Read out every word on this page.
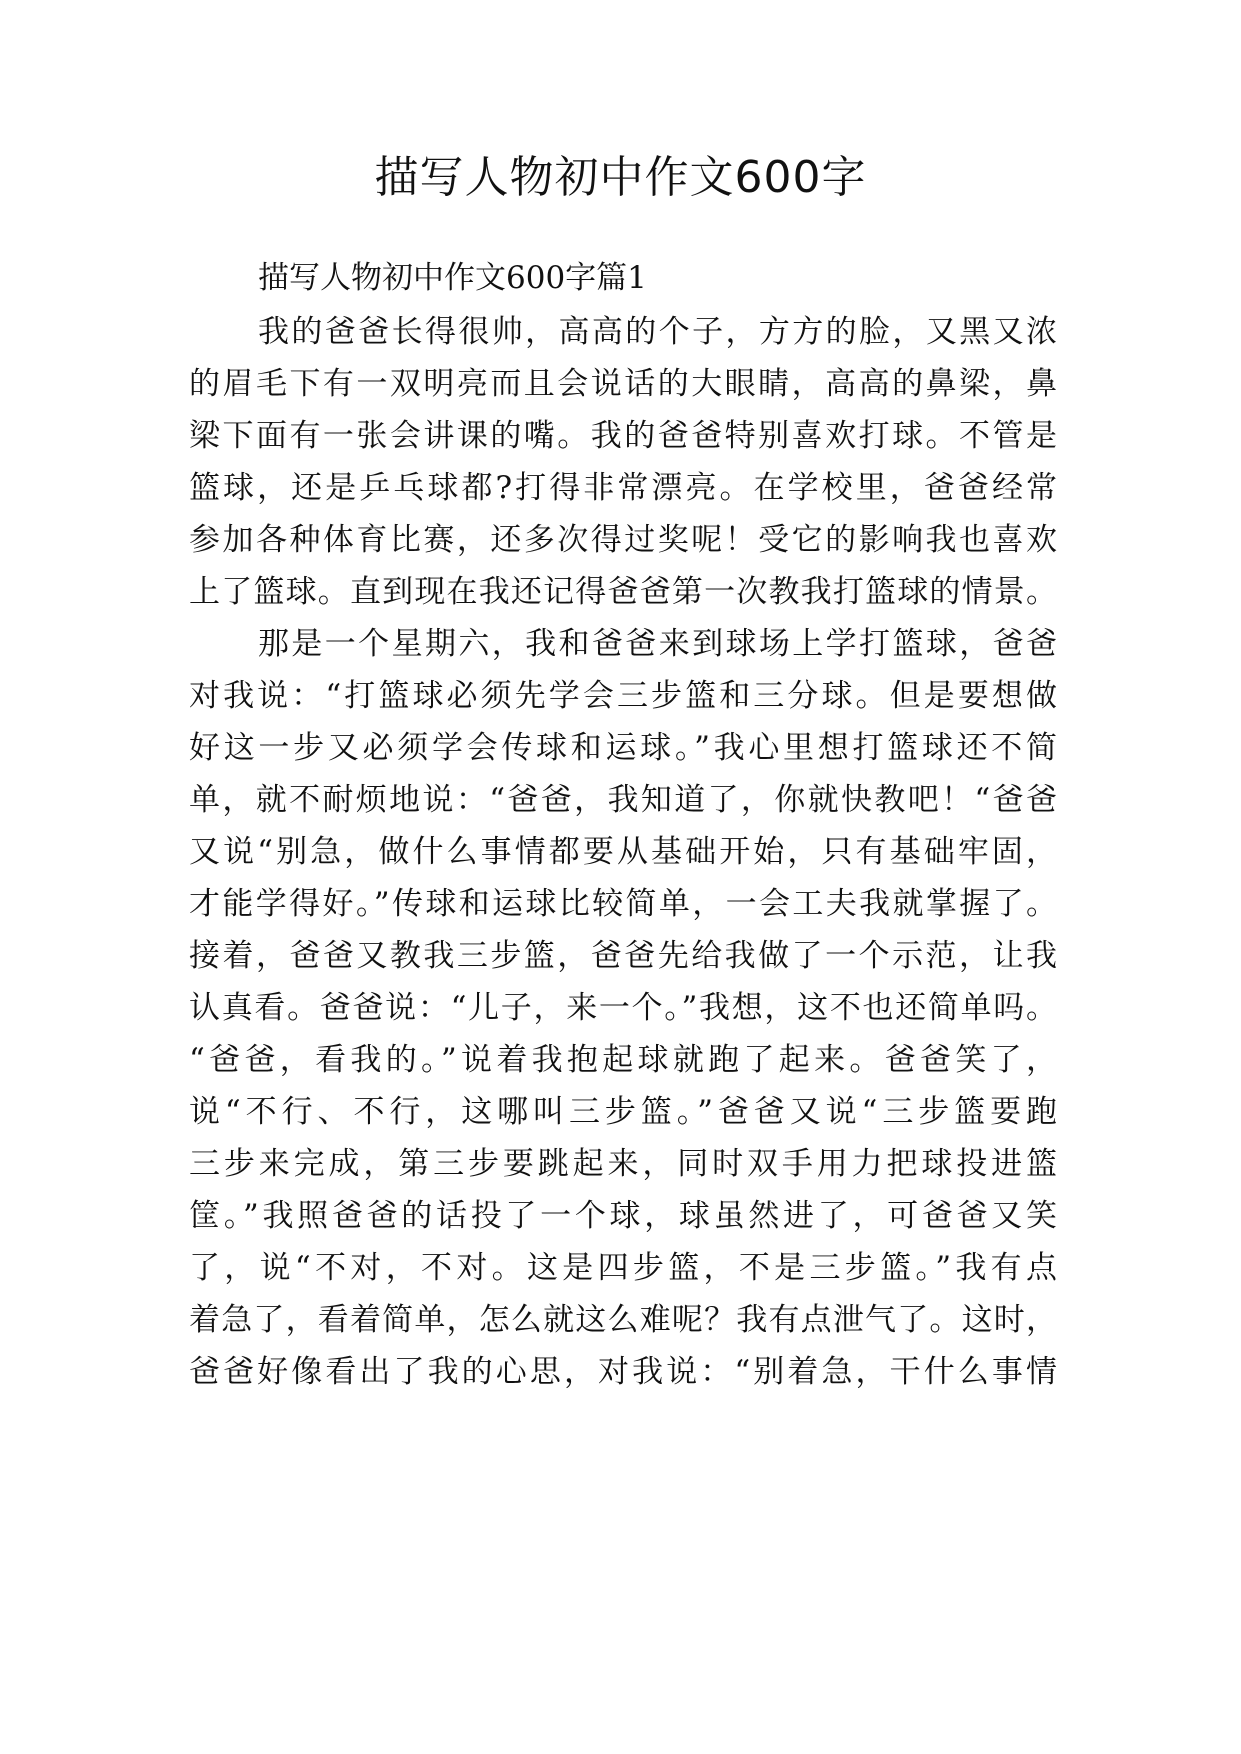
描写人物初中作文600字

描写人物初中作文600字篇1

我的爸爸长得很帅，高高的个子，方方的脸，又黑又浓
的眉毛下有一双明亮而且会说话的大眼睛，高高的鼻梁，鼻
梁下面有一张会讲课的嘴。我的爸爸特别喜欢打球。不管是
篮球，还是乒乓球都?打得非常漂亮。在学校里，爸爸经常
参加各种体育比赛，还多次得过奖呢！受它的影响我也喜欢
上了篮球。直到现在我还记得爸爸第一次教我打篮球的情景。
那是一个星期六，我和爸爸来到球场上学打篮球，爸爸
对我说：“打篮球必须先学会三步篮和三分球。但是要想做
好这一步又必须学会传球和运球。”我心里想打篮球还不简
单，就不耐烦地说：“爸爸，我知道了，你就快教吧！“爸爸
又说“别急，做什么事情都要从基础开始，只有基础牢固，
才能学得好。”传球和运球比较简单，一会工夫我就掌握了。
接着，爸爸又教我三步篮，爸爸先给我做了一个示范，让我
认真看。爸爸说：“儿子，来一个。”我想，这不也还简单吗。
“爸爸，看我的。”说着我抱起球就跑了起来。爸爸笑了，
说“不行、不行，这哪叫三步篮。”爸爸又说“三步篮要跑
三步来完成，第三步要跳起来，同时双手用力把球投进篮
筐。”我照爸爸的话投了一个球，球虽然进了，可爸爸又笑
了，说“不对，不对。这是四步篮，不是三步篮。”我有点
着急了，看着简单，怎么就这么难呢？我有点泄气了。这时，
爸爸好像看出了我的心思，对我说：“别着急，干什么事情
